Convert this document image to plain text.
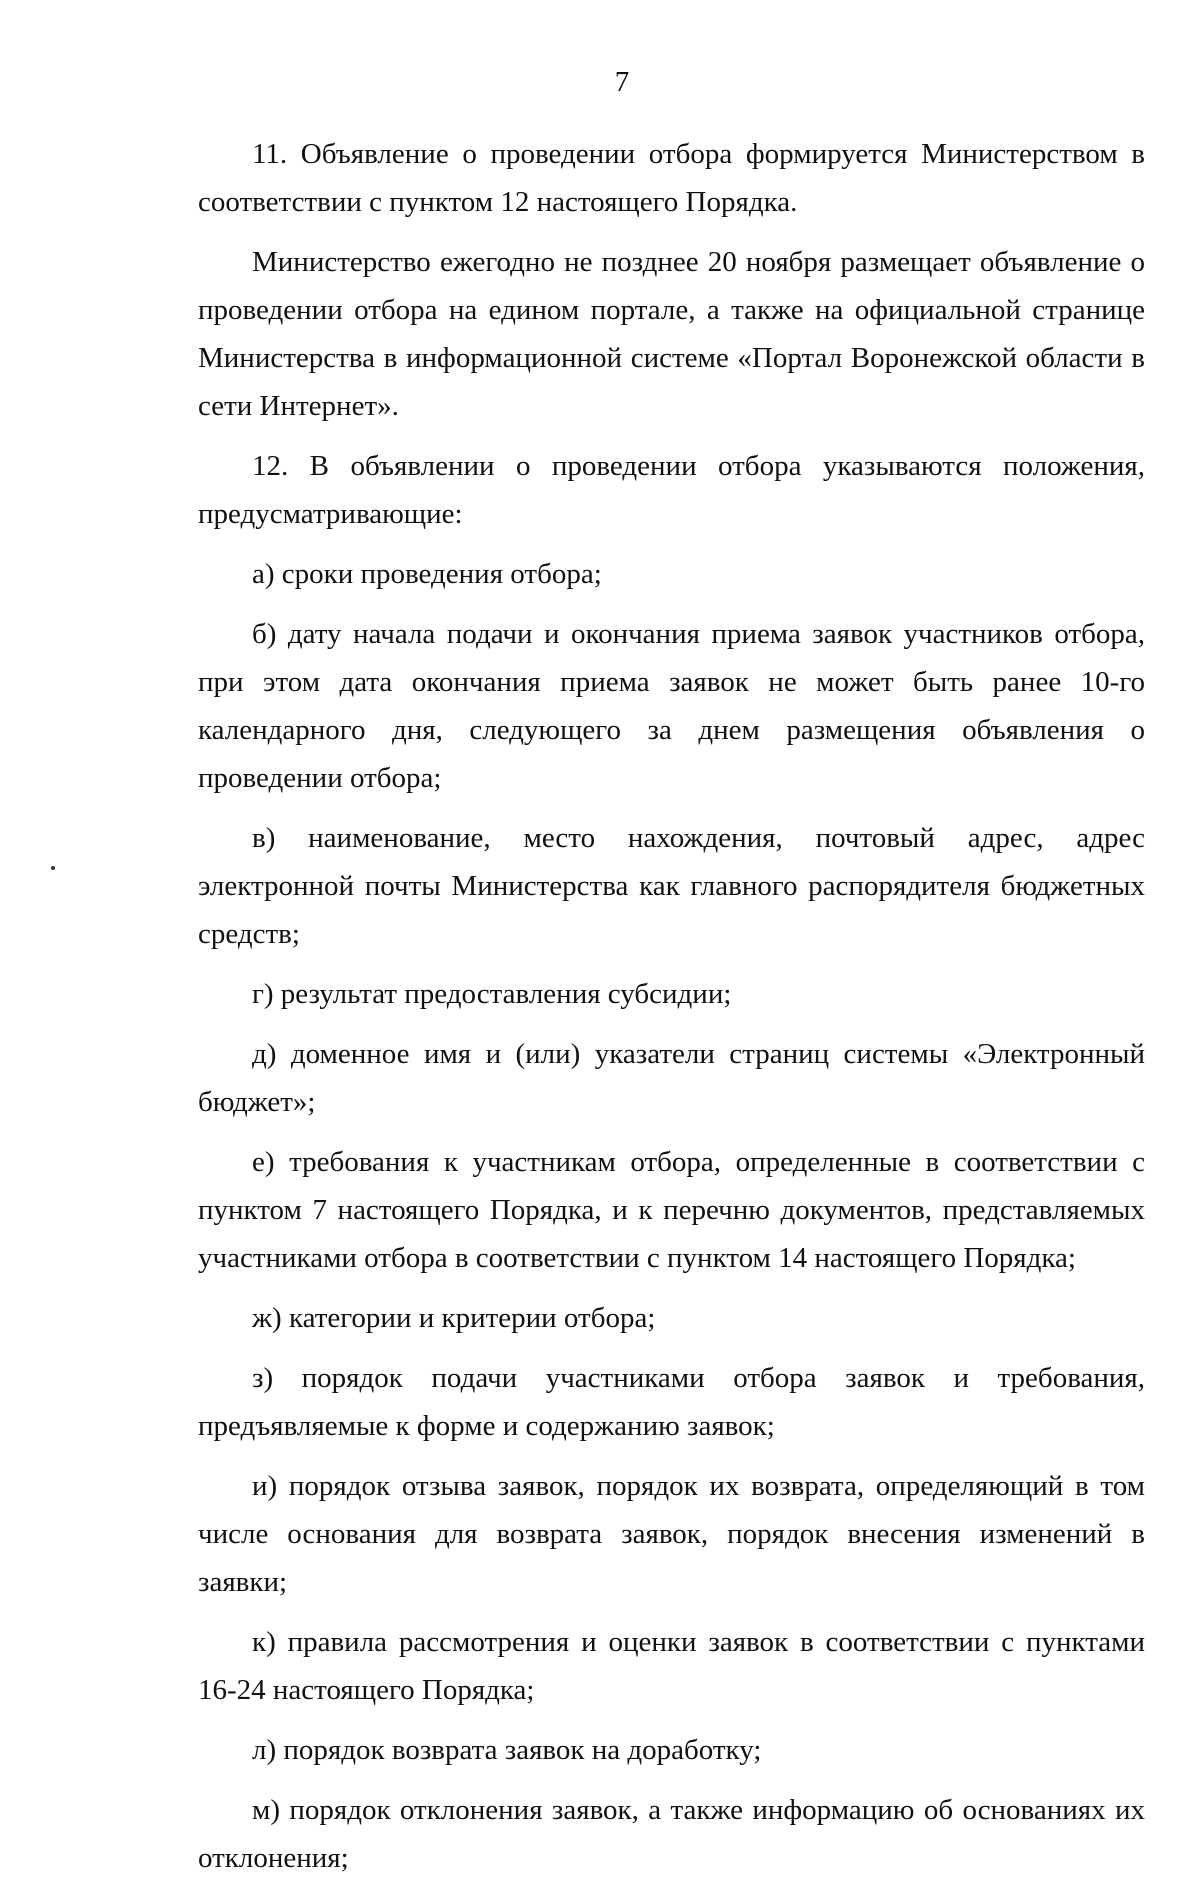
7

11. Объявление о проведении отбора формируется Министерством в соответствии с пунктом 12 настоящего Порядка.

Министерство ежегодно не позднее 20 ноября размещает объявление о проведении отбора на едином портале, а также на официальной странице Министерства в информационной системе «Портал Воронежской области в сети Интернет».

12. В объявлении о проведении отбора указываются положения, предусматривающие:

а) сроки проведения отбора;

б) дату начала подачи и окончания приема заявок участников отбора, при этом дата окончания приема заявок не может быть ранее 10-го календарного дня, следующего за днем размещения объявления о проведении отбора;

в) наименование, место нахождения, почтовый адрес, адрес электронной почты Министерства как главного распорядителя бюджетных средств;

г) результат предоставления субсидии;

д) доменное имя и (или) указатели страниц системы «Электронный бюджет»;

е) требования к участникам отбора, определенные в соответствии с пунктом 7 настоящего Порядка, и к перечню документов, представляемых участниками отбора в соответствии с пунктом 14 настоящего Порядка;

ж) категории и критерии отбора;

з) порядок подачи участниками отбора заявок и требования, предъявляемые к форме и содержанию заявок;

и) порядок отзыва заявок, порядок их возврата, определяющий в том числе основания для возврата заявок, порядок внесения изменений в заявки;

к) правила рассмотрения и оценки заявок в соответствии с пунктами 16-24 настоящего Порядка;

л) порядок возврата заявок на доработку;

м) порядок отклонения заявок, а также информацию об основаниях их отклонения;
